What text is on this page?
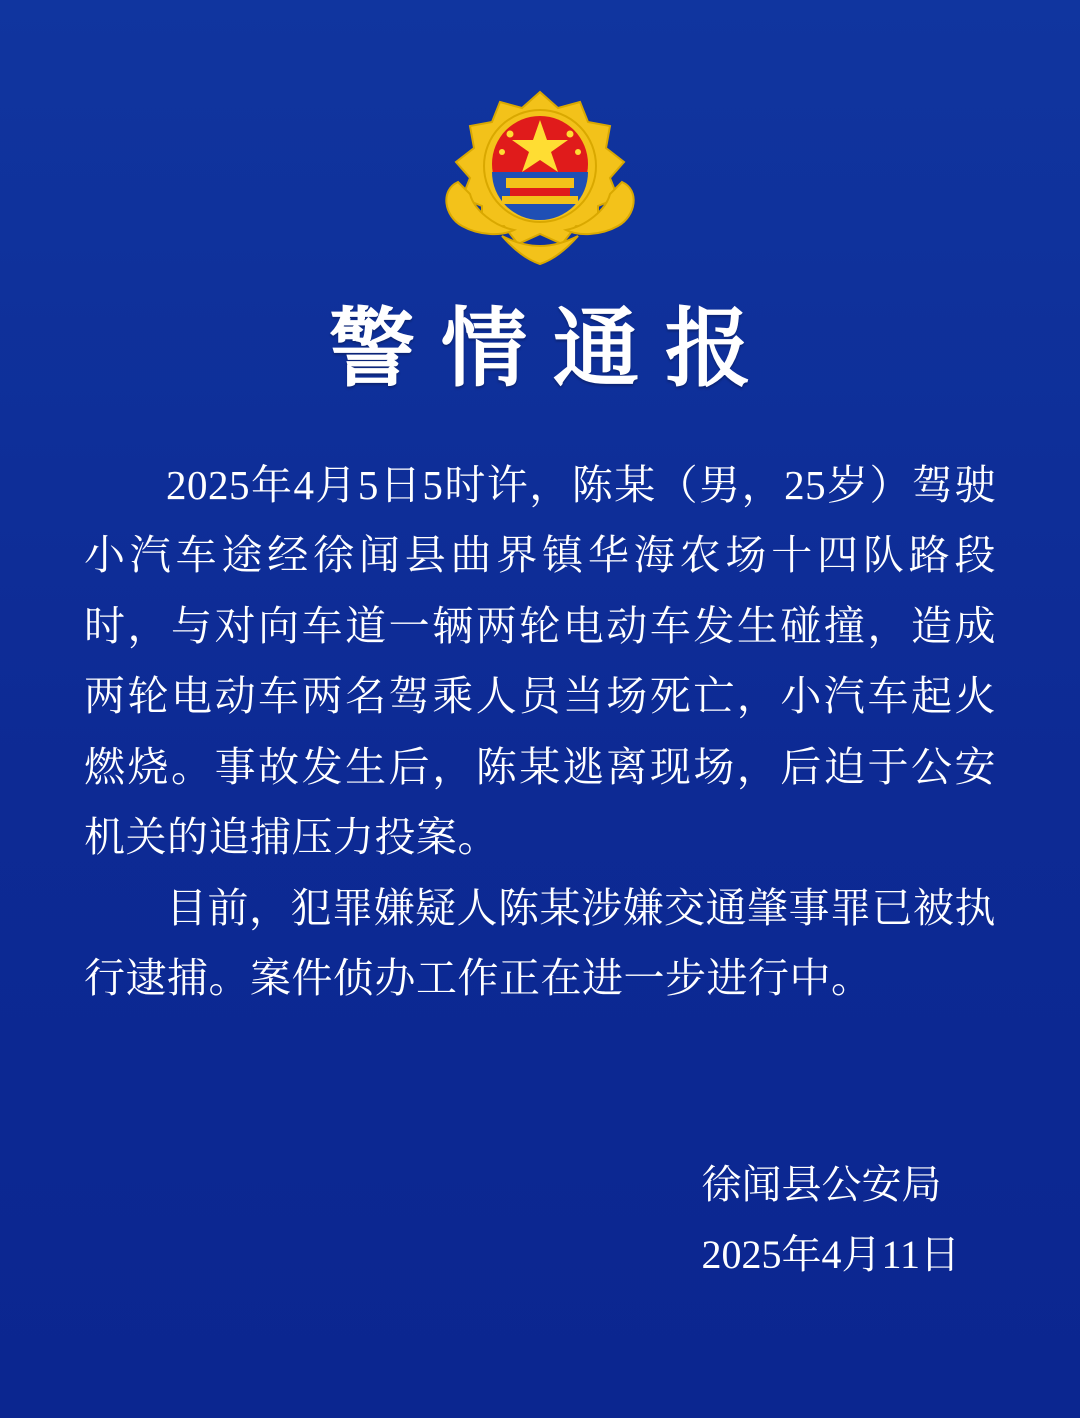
警情通报

2025年4月5日5时许，陈某（男，25岁）驾驶小汽车途经徐闻县曲界镇华海农场十四队路段时，与对向车道一辆两轮电动车发生碰撞，造成两轮电动车两名驾乘人员当场死亡，小汽车起火燃烧。事故发生后，陈某逃离现场，后迫于公安机关的追捕压力投案。

目前，犯罪嫌疑人陈某涉嫌交通肇事罪已被执行逮捕。案件侦办工作正在进一步进行中。

徐闻县公安局
2025年4月11日
